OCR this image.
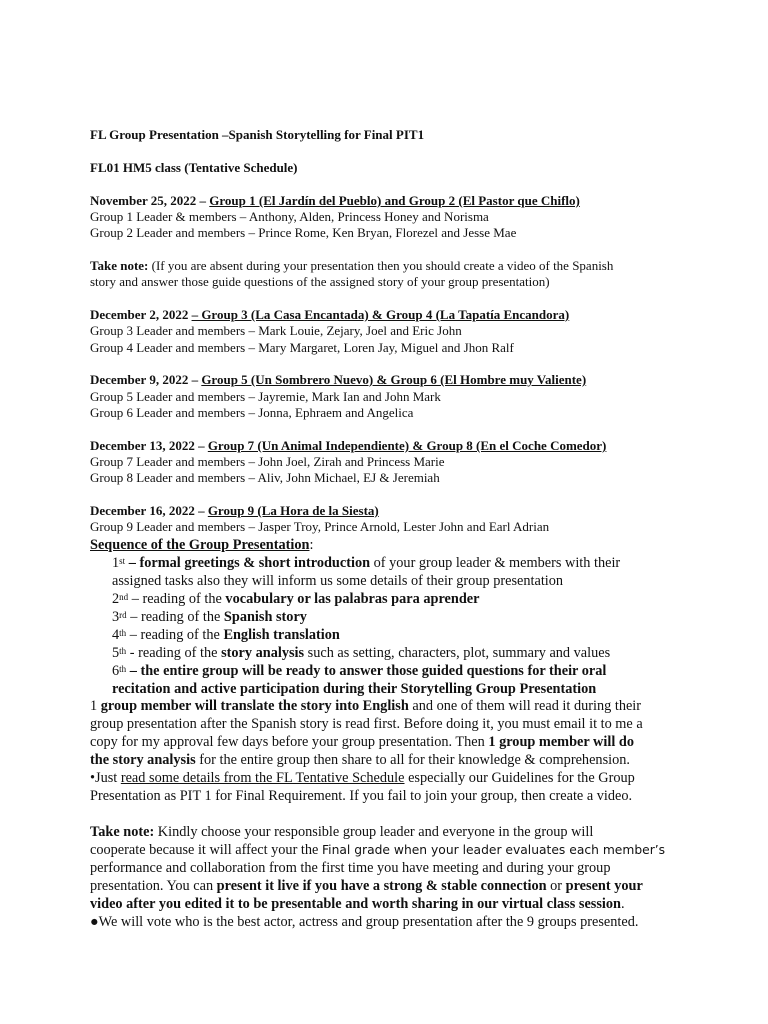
FL Group Presentation –Spanish Storytelling for Final PIT1
FL01 HM5 class (Tentative Schedule)
November 25, 2022 – Group 1 (El Jardín del Pueblo) and Group 2 (El Pastor que Chiflo)
Group 1 Leader & members – Anthony, Alden, Princess Honey and Norisma
Group 2 Leader and members – Prince Rome, Ken Bryan, Florezel and Jesse Mae
Take note: (If you are absent during your presentation then you should create a video of the Spanish
story and answer those guide questions of the assigned story of your group presentation)
December 2, 2022 – Group 3 (La Casa Encantada) & Group 4 (La Tapatía Encandora)
Group 3 Leader and members – Mark Louie, Zejary, Joel and Eric John
Group 4 Leader and members – Mary Margaret, Loren Jay, Miguel and Jhon Ralf
December 9, 2022 – Group 5 (Un Sombrero Nuevo) & Group 6 (El Hombre muy Valiente)
Group 5 Leader and members – Jayremie, Mark Ian and John Mark
Group 6 Leader and members – Jonna, Ephraem and Angelica
December 13, 2022 – Group 7 (Un Animal Independiente) & Group 8 (En el Coche Comedor)
Group 7 Leader and members – John Joel, Zirah and Princess Marie
Group 8 Leader and members – Aliv, John Michael, EJ & Jeremiah
December 16, 2022 – Group 9 (La Hora de la Siesta)
Group 9 Leader and members – Jasper Troy, Prince Arnold, Lester John and Earl Adrian
Sequence of the Group Presentation:
1st – formal greetings & short introduction of your group leader & members with their
assigned tasks also they will inform us some details of their group presentation
2nd – reading of the vocabulary or las palabras para aprender
3rd – reading of the Spanish story
4th – reading of the English translation
5th - reading of the story analysis such as setting, characters, plot, summary and values
6th – the entire group will be ready to answer those guided questions for their oral
recitation and active participation during their Storytelling Group Presentation
1 group member will translate the story into English and one of them will read it during their
group presentation after the Spanish story is read first. Before doing it, you must email it to me a
copy for my approval few days before your group presentation. Then 1 group member will do
the story analysis for the entire group then share to all for their knowledge & comprehension.
•Just read some details from the FL Tentative Schedule especially our Guidelines for the Group
Presentation as PIT 1 for Final Requirement. If you fail to join your group, then create a video.
Take note: Kindly choose your responsible group leader and everyone in the group will
cooperate because it will affect your the Final grade when your leader evaluates each member’s
performance and collaboration from the first time you have meeting and during your group
presentation. You can present it live if you have a strong & stable connection or present your
video after you edited it to be presentable and worth sharing in our virtual class session.
●We will vote who is the best actor, actress and group presentation after the 9 groups presented.
